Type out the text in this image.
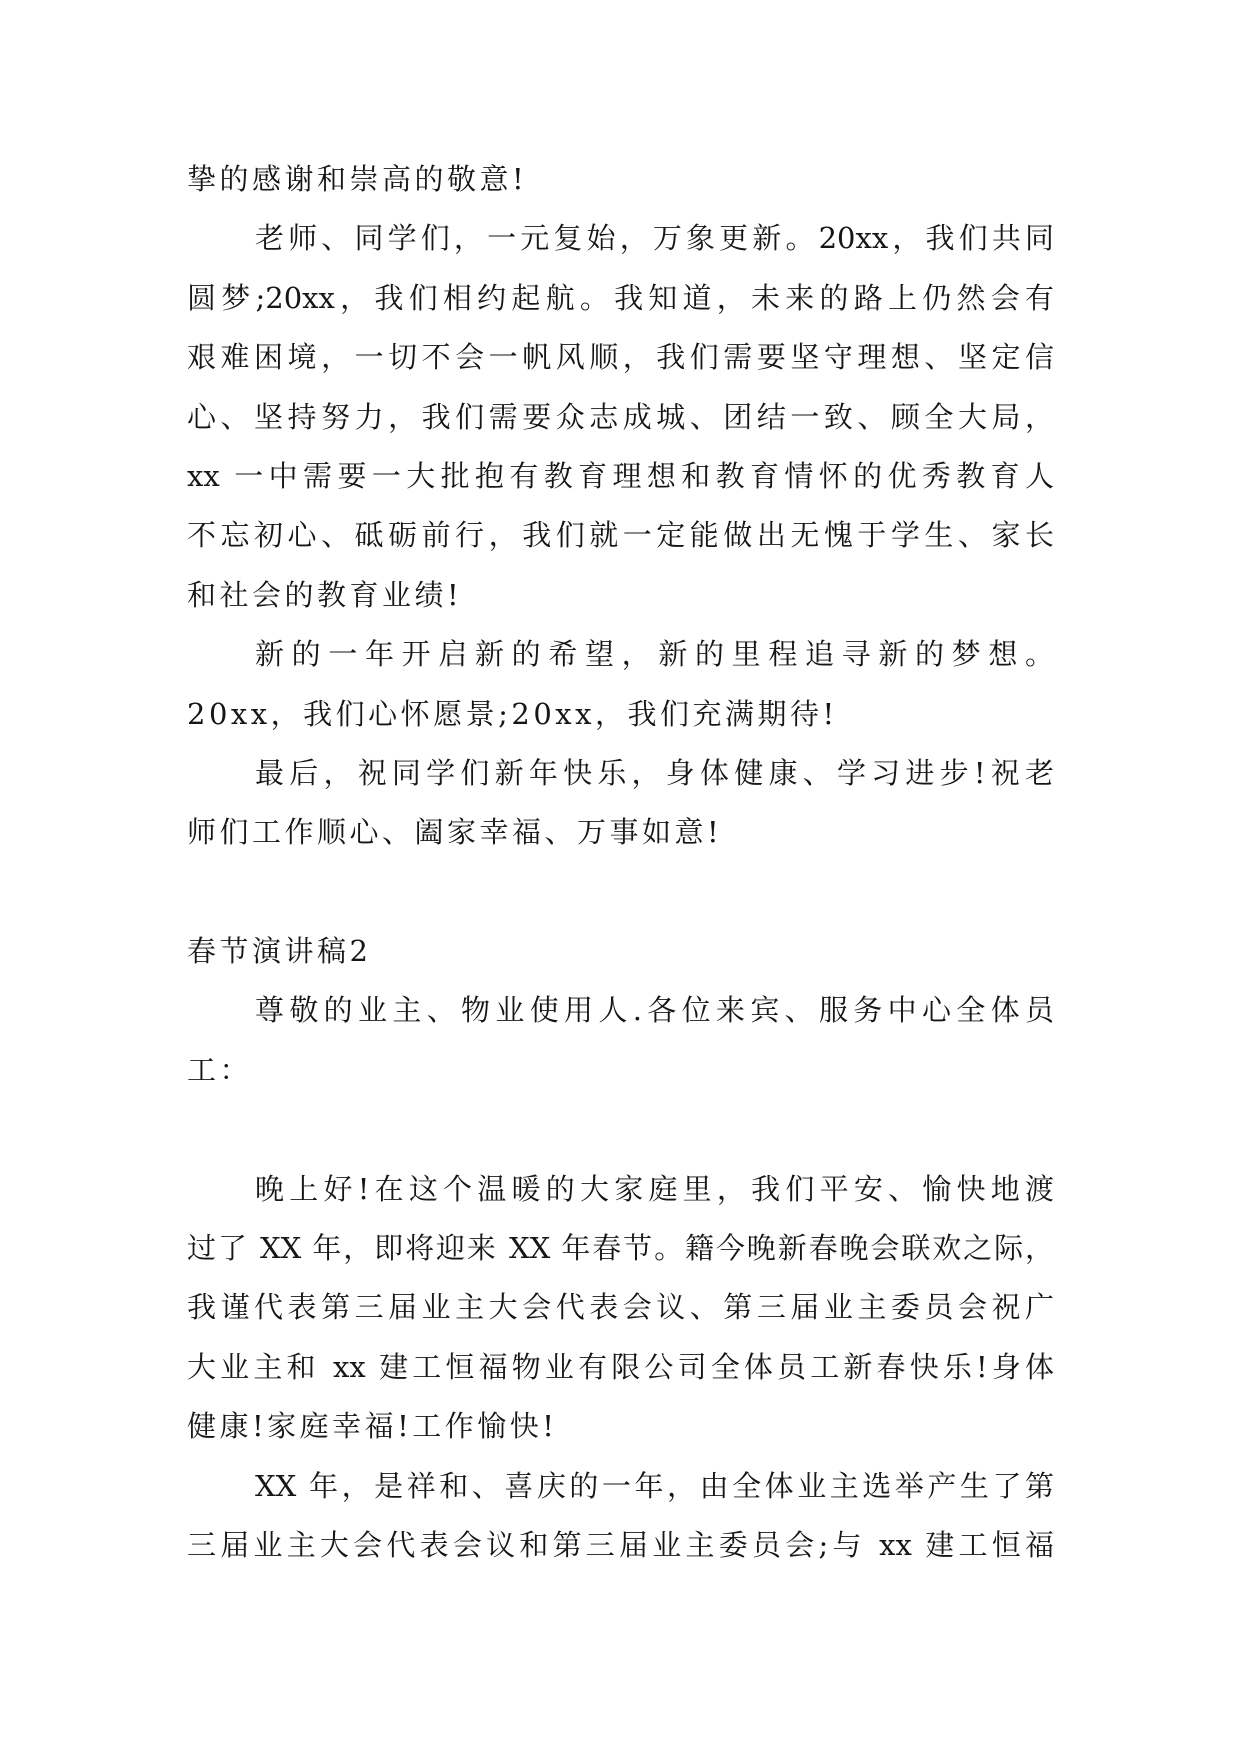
挚的感谢和崇高的敬意!
老师、同学们，一元复始，万象更新。20xx，我们共同
圆梦;20xx，我们相约起航。我知道，未来的路上仍然会有
艰难困境，一切不会一帆风顺，我们需要坚守理想、坚定信
心、坚持努力，我们需要众志成城、团结一致、顾全大局，
xx 一中需要一大批抱有教育理想和教育情怀的优秀教育人
不忘初心、砥砺前行，我们就一定能做出无愧于学生、家长
和社会的教育业绩!
新的一年开启新的希望，新的里程追寻新的梦想。
20xx，我们心怀愿景;20xx，我们充满期待!
最后，祝同学们新年快乐，身体健康、学习进步!祝老
师们工作顺心、阖家幸福、万事如意!
春节演讲稿2
尊敬的业主、物业使用人.各位来宾、服务中心全体员
工：
晚上好!在这个温暖的大家庭里，我们平安、愉快地渡
过了 XX 年，即将迎来 XX 年春节。籍今晚新春晚会联欢之际，
我谨代表第三届业主大会代表会议、第三届业主委员会祝广
大业主和 xx 建工恒福物业有限公司全体员工新春快乐!身体
健康!家庭幸福!工作愉快!
XX 年，是祥和、喜庆的一年，由全体业主选举产生了第
三届业主大会代表会议和第三届业主委员会;与 xx 建工恒福
